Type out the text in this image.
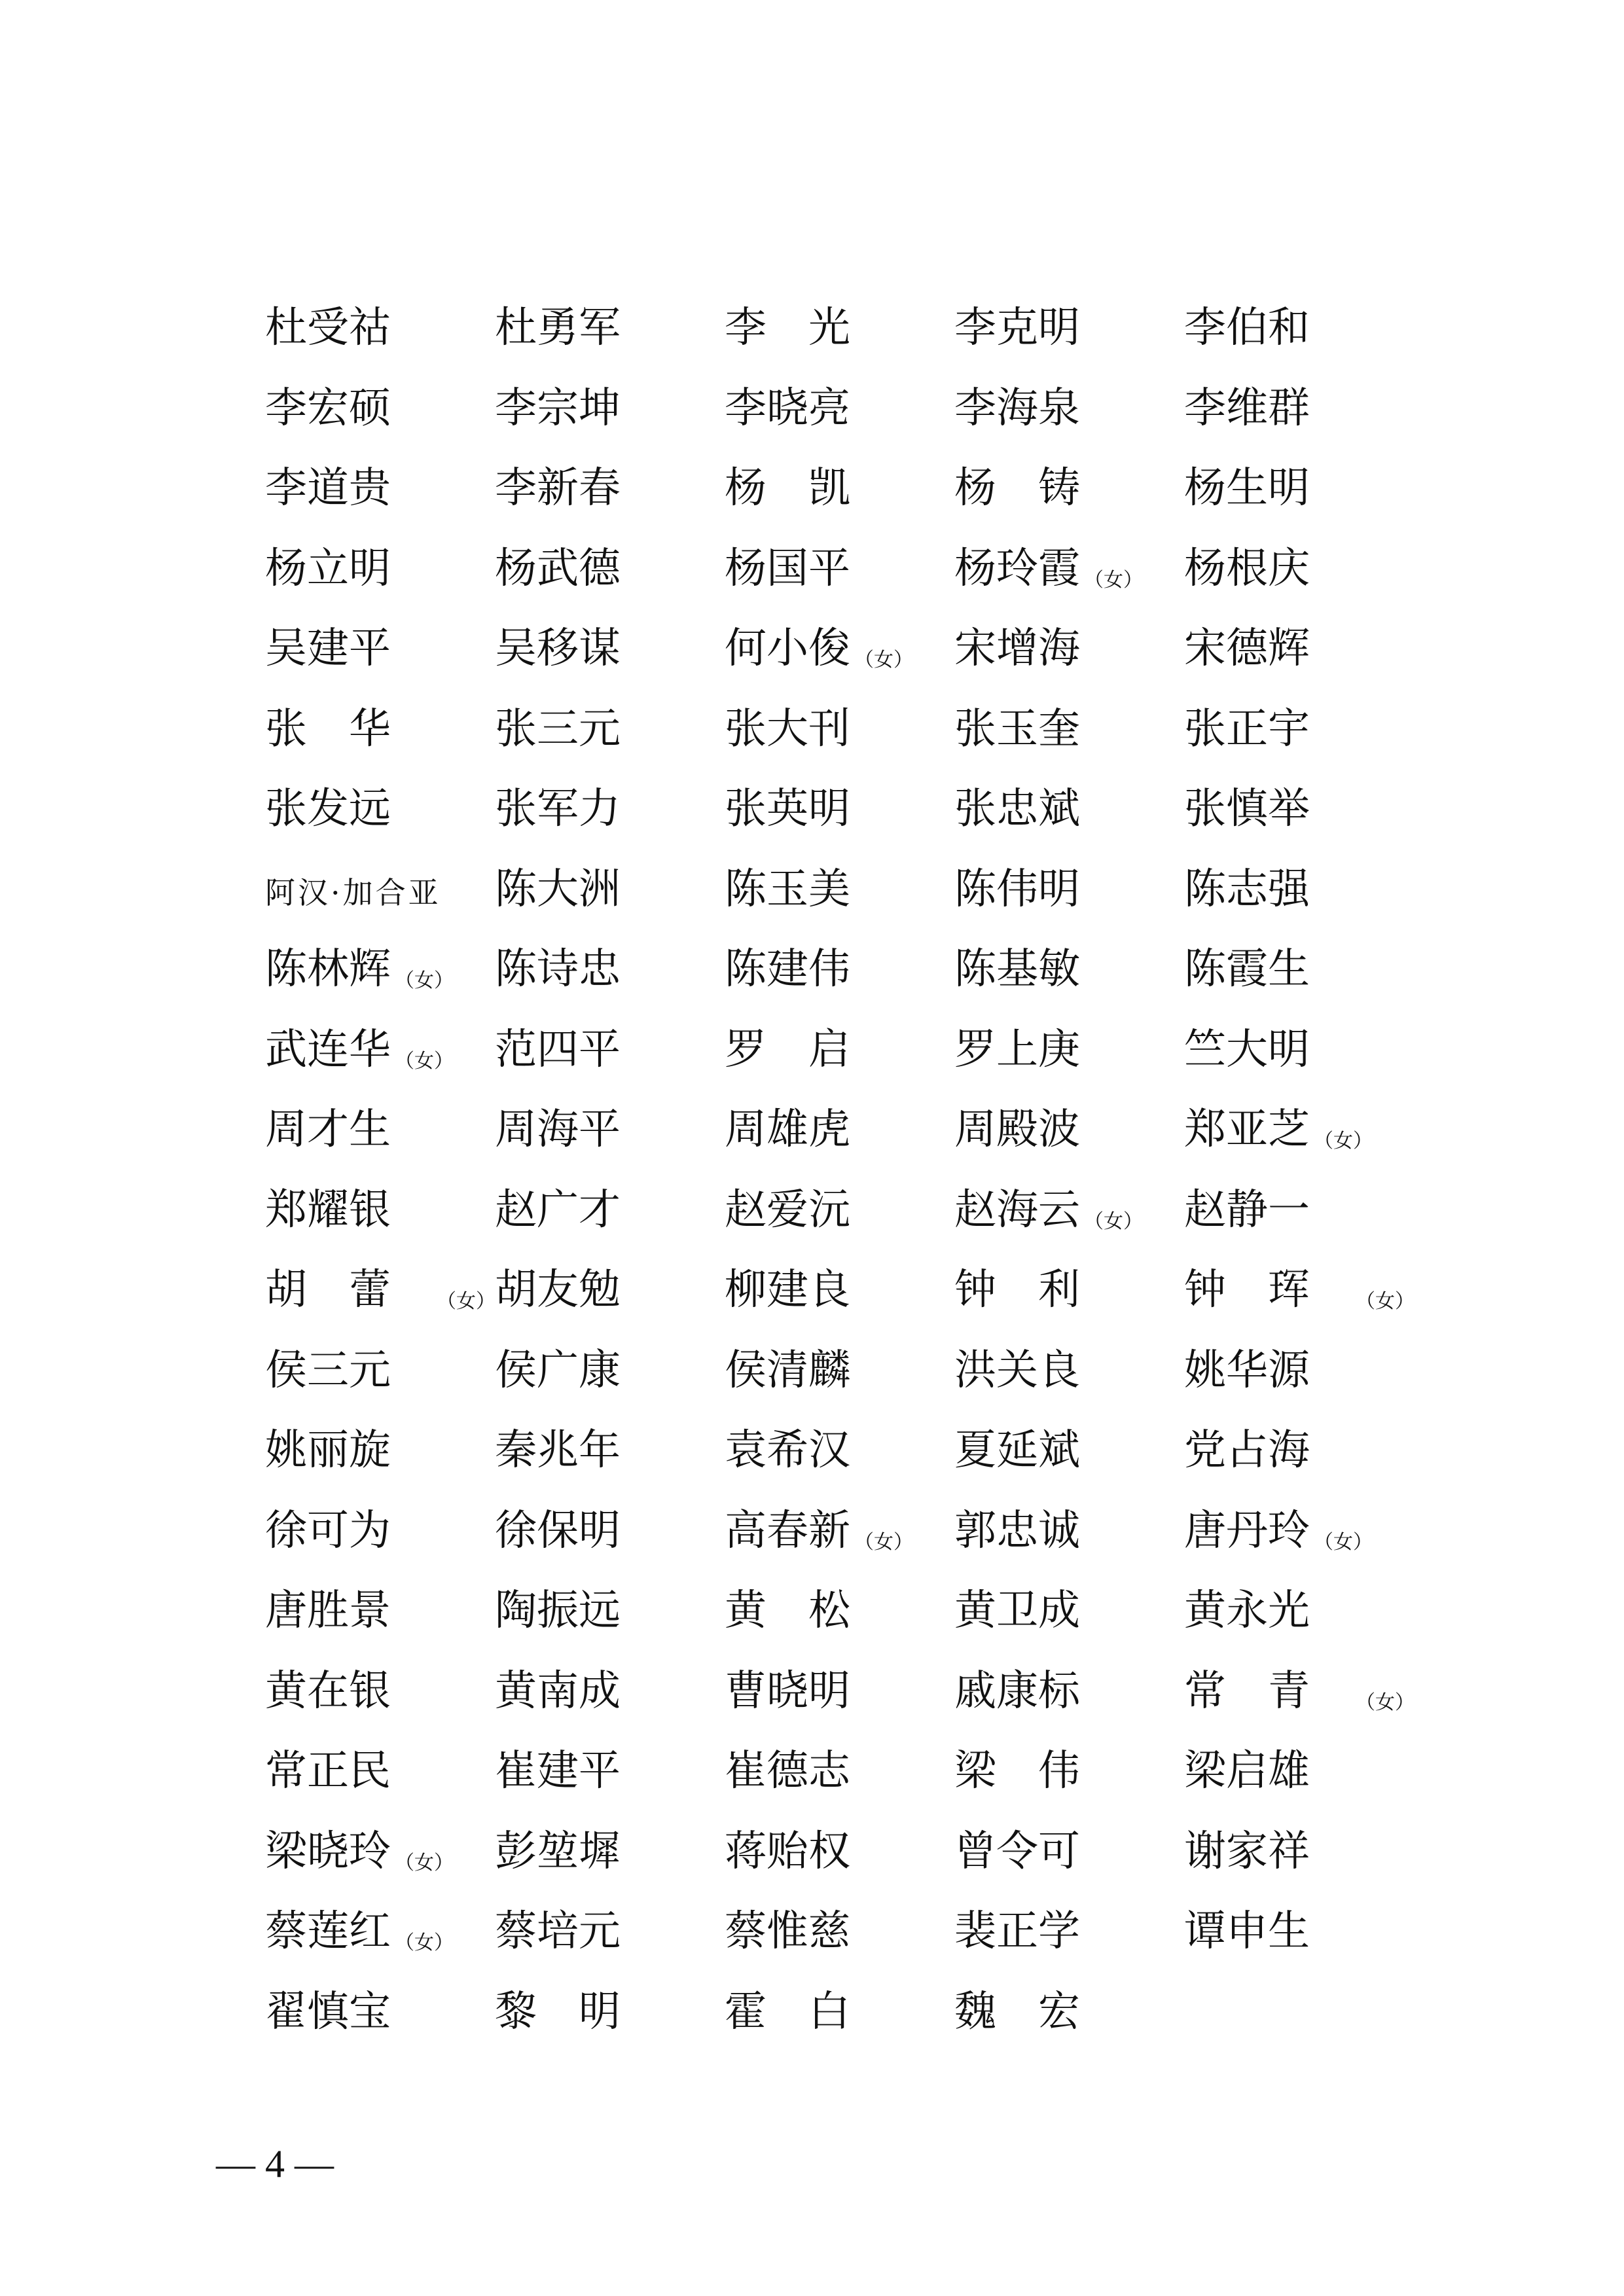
杜受祜	杜勇军	李光	李克明	李伯和
李宏硕	李宗坤	李晓亮	李海泉	李维群
李道贵	李新春	杨凯	杨铸	杨生明
杨立明	杨武德	杨国平	杨玲霞 （女） 杨根庆
吴建平	吴移谋	何小俊 （女） 宋增海	宋德辉
张华	张三元	张大刊	张玉奎	张正宇
张发远	张军力	张英明	张忠斌	张慎举
阿汉·加合亚	陈大洲	陈玉美	陈伟明	陈志强
陈林辉 （女） 陈诗忠	陈建伟	陈基敏	陈霞生
武连华 （女） 范四平	罗启	罗上庚	竺大明
周才生	周海平	周雄虎	周殿波	郑亚芝 （女）
郑耀银	赵广才	赵爱沅	赵海云 （女） 赵静一
胡蕾 （女） 胡友勉	柳建良	钟利	钟珲 （女）
侯三元	侯广康	侯清麟	洪关良	姚华源
姚丽旋	秦兆年	袁希汉	夏延斌	党占海
徐可为	徐保明	高春新 （女） 郭忠诚	唐丹玲 （女）
唐胜景	陶振远	黄松	黄卫成	黄永光
黄在银	黄南成	曹晓明	戚康标	常青 （女）
常正民	崔建平	崔德志	梁伟	梁启雄
梁晓玲 （女） 彭堃墀	蒋贻权	曾令可	谢家祥
蔡莲红 （女） 蔡培元	蔡惟慈	裴正学	谭申生
翟慎宝	黎明	霍白	魏宏
— 4 —
